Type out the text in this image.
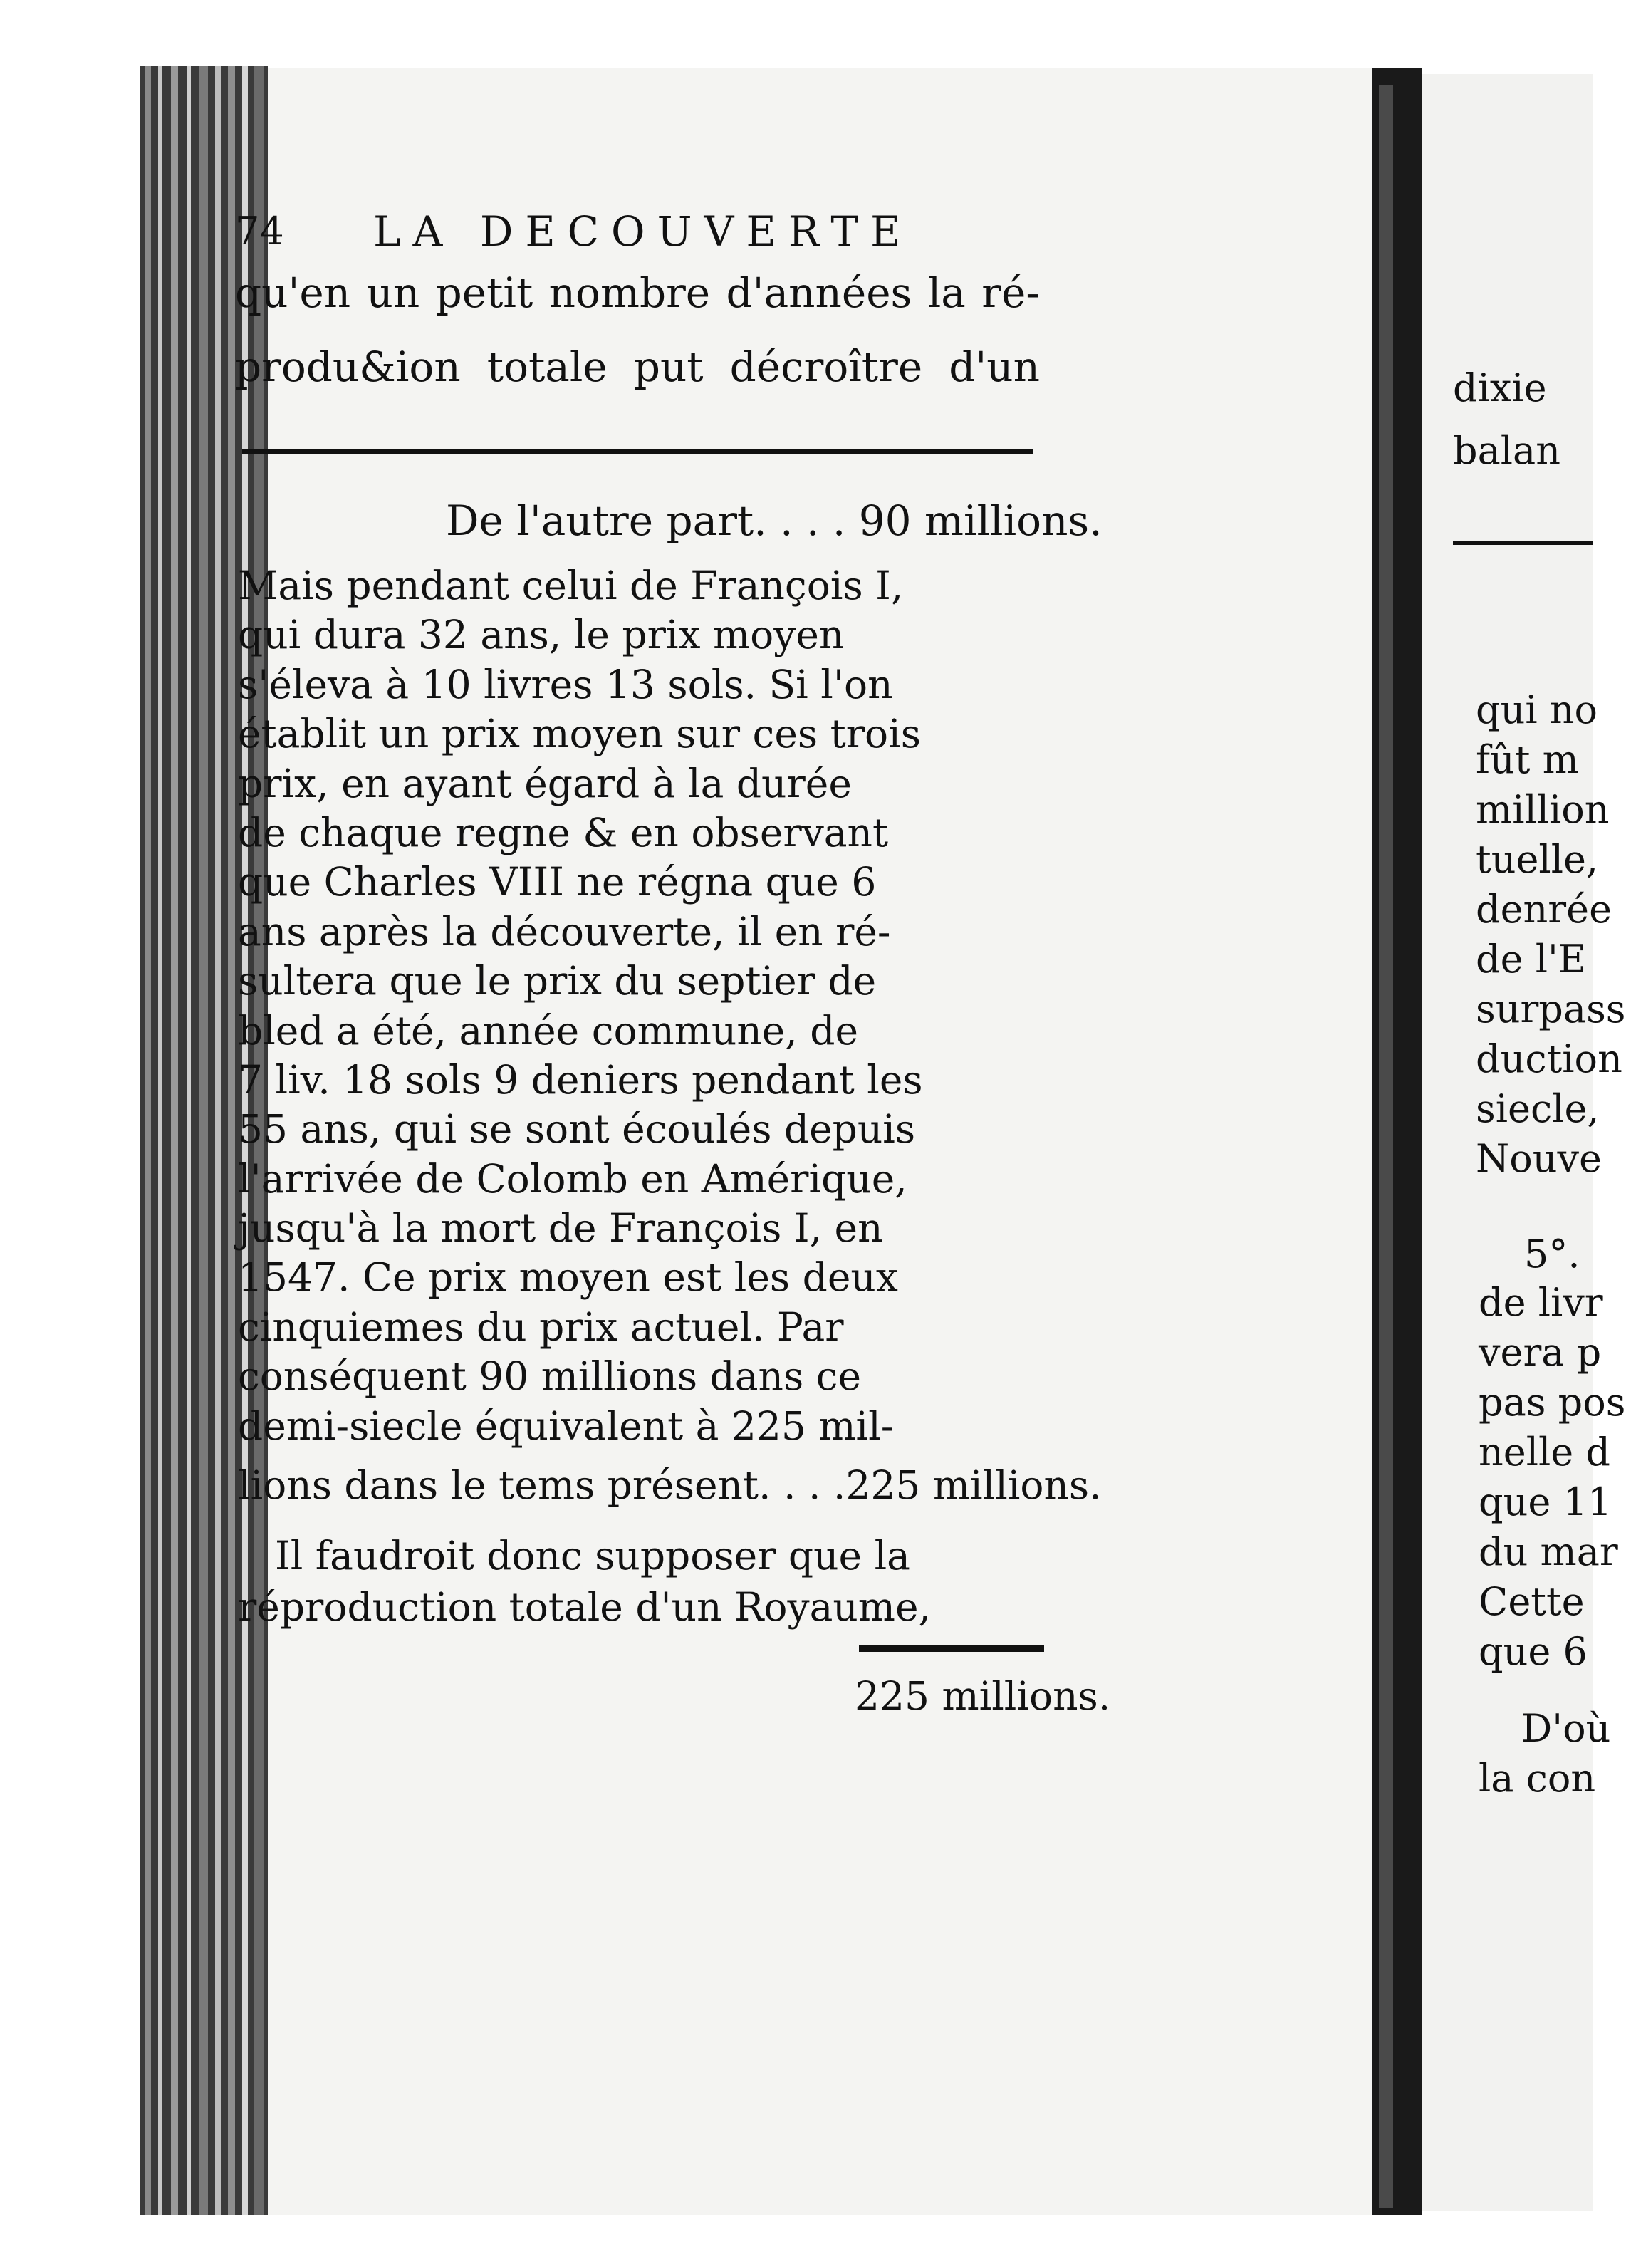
74 LA DECOUVERTE
qu'en un petit nombre d'années la ré-
produ&ion totale put décroître d'un
De l'autre part. . . . 90 millions.
Mais pendant celui de François I,
qui dura 32 ans, le prix moyen
s'éleva à 10 livres 13 sols. Si l'on
établit un prix moyen sur ces trois
prix, en ayant égard à la durée
de chaque regne & en observant
que Charles VIII ne régna que 6
ans après la découverte, il en ré-
sultera que le prix du septier de
bled a été, année commune, de
7 liv. 18 sols 9 deniers pendant les
55 ans, qui se sont écoulés depuis
l'arrivée de Colomb en Amérique,
jusqu'à la mort de François I, en
1547. Ce prix moyen est les deux
cinquiemes du prix actuel. Par
conséquent 90 millions dans ce
demi-siecle équivalent à 225 mil-
lions dans le tems présent. . . . 225 millions.
Il faudroit donc supposer que la
réproduction totale d'un Royaume,
225 millions.
dixie
balan
qui no
fût m
million
tuelle,
denrée
de l'E
surpass
duction
siecle,
Nouve
5°.
de livr
vera p
pas pos
nelle d
que 11
du mar
Cette
que 6
D'où
la con
